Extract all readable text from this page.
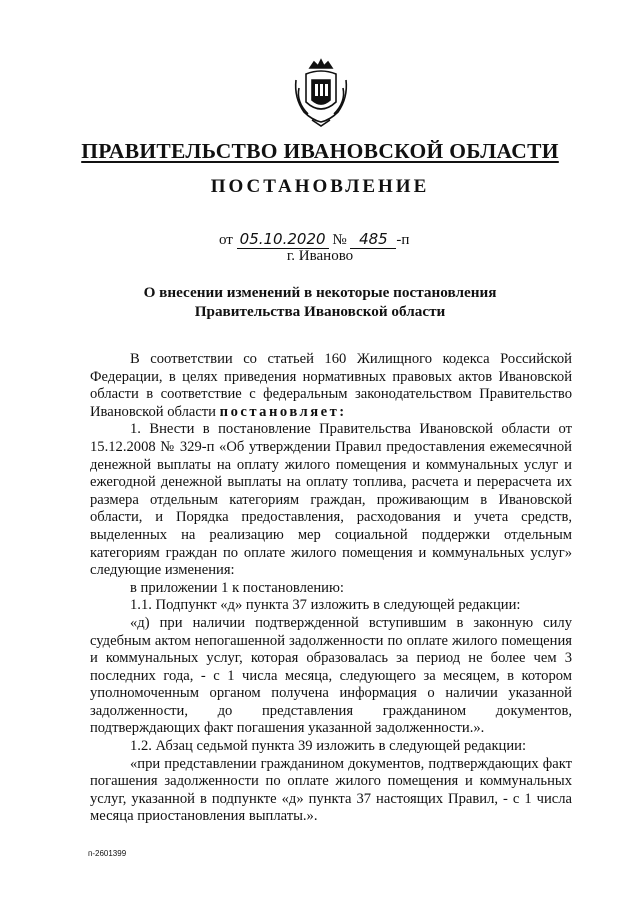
ПРАВИТЕЛЬСТВО ИВАНОВСКОЙ ОБЛАСТИ
ПОСТАНОВЛЕНИЕ
от 05.10.2020 № 485 -п
г. Иваново
О внесении изменений в некоторые постановления
Правительства Ивановской области

В соответствии со статьей 160 Жилищного кодекса Российской Федерации, в целях приведения нормативных правовых актов Ивановской области в соответствие с федеральным законодательством Правительство Ивановской области постановляет:

1. Внести в постановление Правительства Ивановской области от 15.12.2008 № 329-п «Об утверждении Правил предоставления ежемесячной денежной выплаты на оплату жилого помещения и коммунальных услуг и ежегодной денежной выплаты на оплату топлива, расчета и перерасчета их размера отдельным категориям граждан, проживающим в Ивановской области, и Порядка предоставления, расходования и учета средств, выделенных на реализацию мер социальной поддержки отдельным категориям граждан по оплате жилого помещения и коммунальных услуг» следующие изменения:

в приложении 1 к постановлению:

1.1. Подпункт «д» пункта 37 изложить в следующей редакции:

«д) при наличии подтвержденной вступившим в законную силу судебным актом непогашенной задолженности по оплате жилого помещения и коммунальных услуг, которая образовалась за период не более чем 3 последних года, - с 1 числа месяца, следующего за месяцем, в котором уполномоченным органом получена информация о наличии указанной задолженности, до представления гражданином документов, подтверждающих факт погашения указанной задолженности.».

1.2. Абзац седьмой пункта 39 изложить в следующей редакции:

«при представлении гражданином документов, подтверждающих факт погашения задолженности по оплате жилого помещения и коммунальных услуг, указанной в подпункте «д» пункта 37 настоящих Правил, - с 1 числа месяца приостановления выплаты.».

п-2601399
